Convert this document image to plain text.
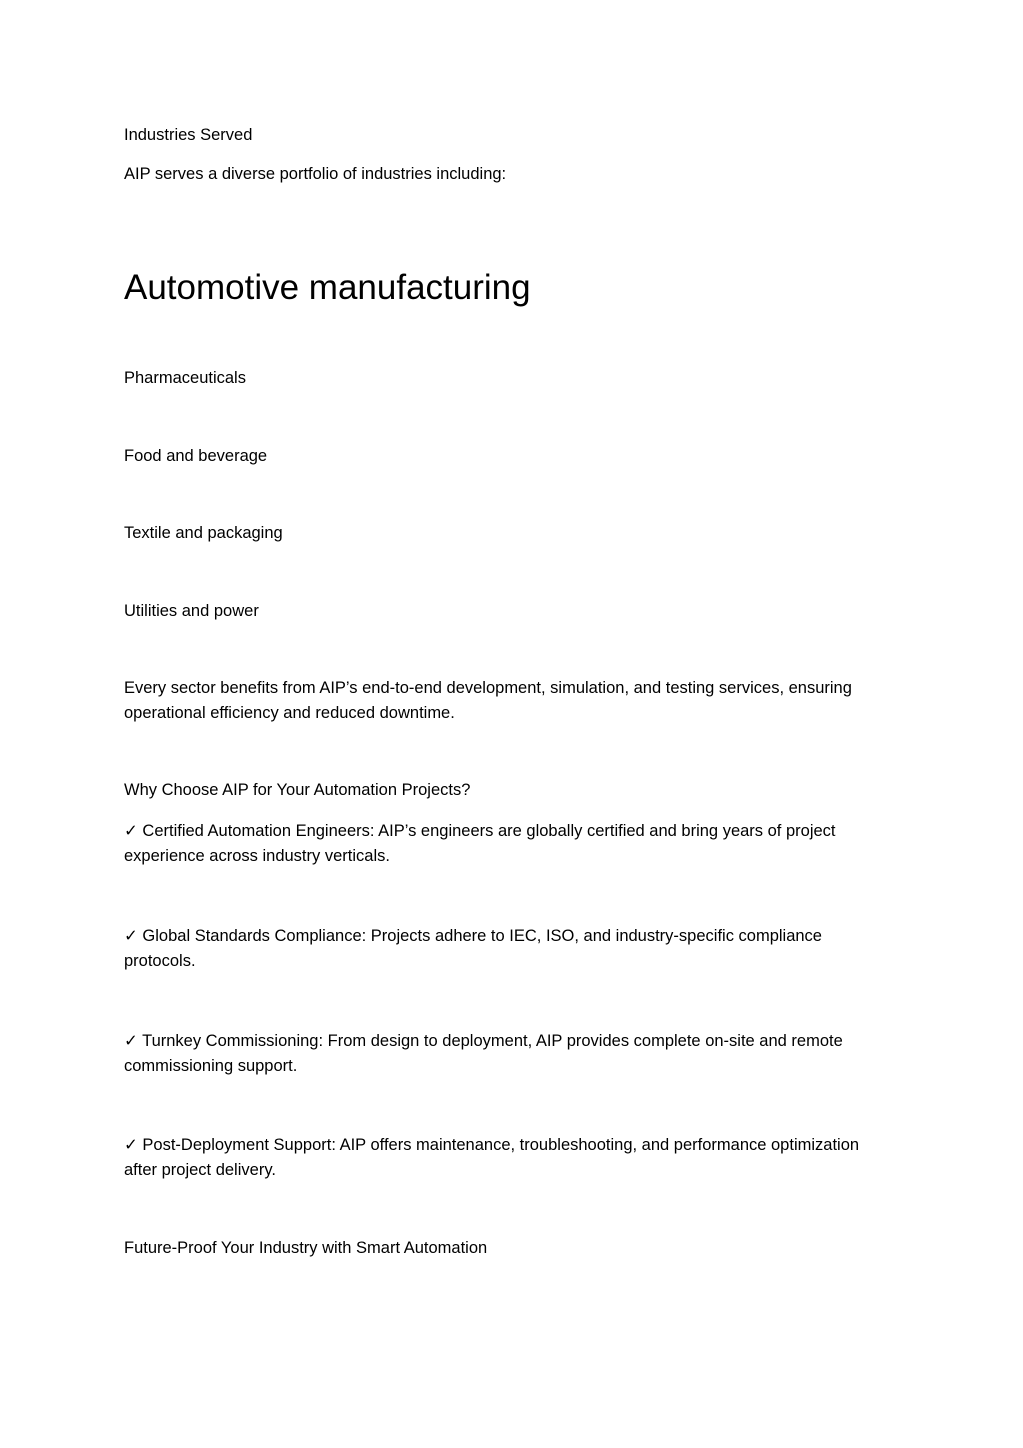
Industries Served

AIP serves a diverse portfolio of industries including:

Automotive manufacturing

Pharmaceuticals

Food and beverage

Textile and packaging

Utilities and power

Every sector benefits from AIP’s end-to-end development, simulation, and testing services, ensuring operational efficiency and reduced downtime.

Why Choose AIP for Your Automation Projects?

✓ Certified Automation Engineers: AIP’s engineers are globally certified and bring years of project experience across industry verticals.

✓ Global Standards Compliance: Projects adhere to IEC, ISO, and industry-specific compliance protocols.

✓ Turnkey Commissioning: From design to deployment, AIP provides complete on-site and remote commissioning support.

✓ Post-Deployment Support: AIP offers maintenance, troubleshooting, and performance optimization after project delivery.

Future-Proof Your Industry with Smart Automation
